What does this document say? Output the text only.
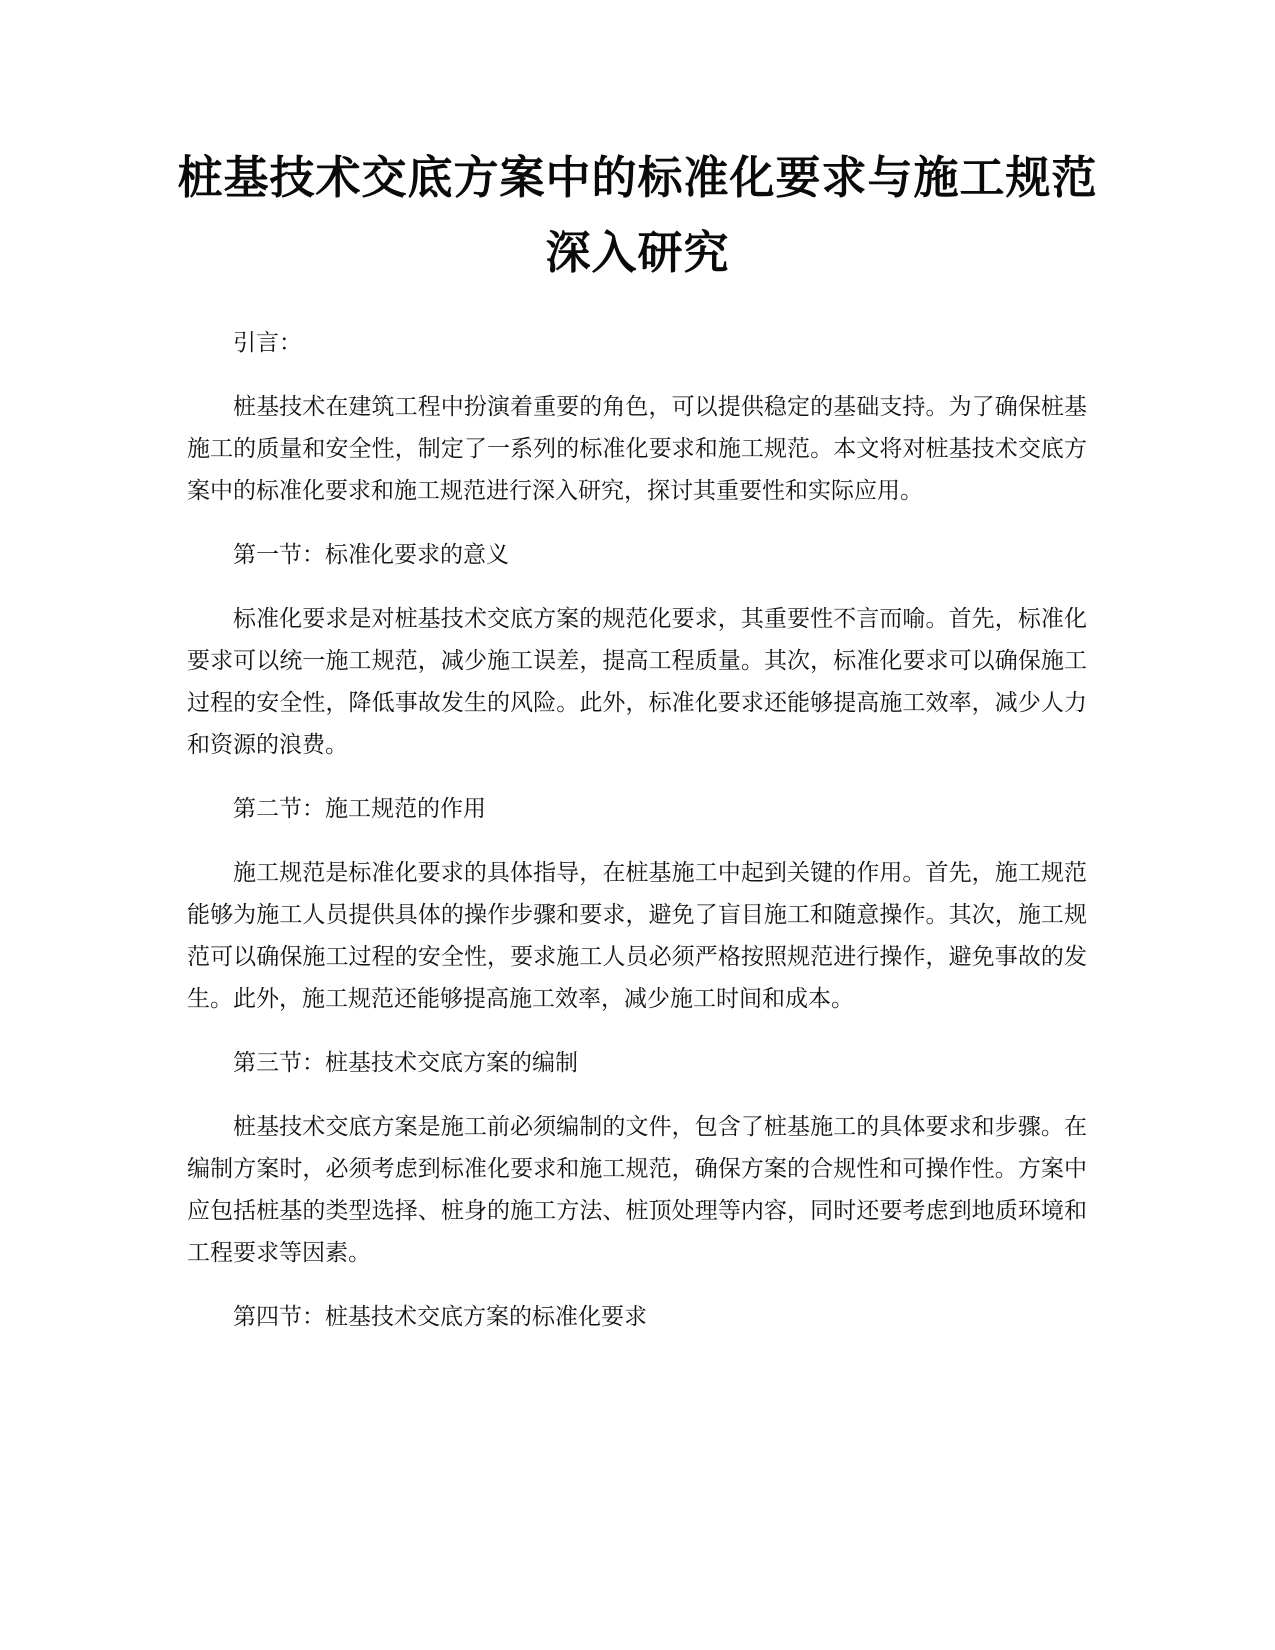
桩基技术交底方案中的标准化要求与施工规范深入研究

引言：

桩基技术在建筑工程中扮演着重要的角色，可以提供稳定的基础支持。为了确保桩基施工的质量和安全性，制定了一系列的标准化要求和施工规范。本文将对桩基技术交底方案中的标准化要求和施工规范进行深入研究，探讨其重要性和实际应用。

第一节：标准化要求的意义

标准化要求是对桩基技术交底方案的规范化要求，其重要性不言而喻。首先，标准化要求可以统一施工规范，减少施工误差，提高工程质量。其次，标准化要求可以确保施工过程的安全性，降低事故发生的风险。此外，标准化要求还能够提高施工效率，减少人力和资源的浪费。

第二节：施工规范的作用

施工规范是标准化要求的具体指导，在桩基施工中起到关键的作用。首先，施工规范能够为施工人员提供具体的操作步骤和要求，避免了盲目施工和随意操作。其次，施工规范可以确保施工过程的安全性，要求施工人员必须严格按照规范进行操作，避免事故的发生。此外，施工规范还能够提高施工效率，减少施工时间和成本。

第三节：桩基技术交底方案的编制

桩基技术交底方案是施工前必须编制的文件，包含了桩基施工的具体要求和步骤。在编制方案时，必须考虑到标准化要求和施工规范，确保方案的合规性和可操作性。方案中应包括桩基的类型选择、桩身的施工方法、桩顶处理等内容，同时还要考虑到地质环境和工程要求等因素。

第四节：桩基技术交底方案的标准化要求
